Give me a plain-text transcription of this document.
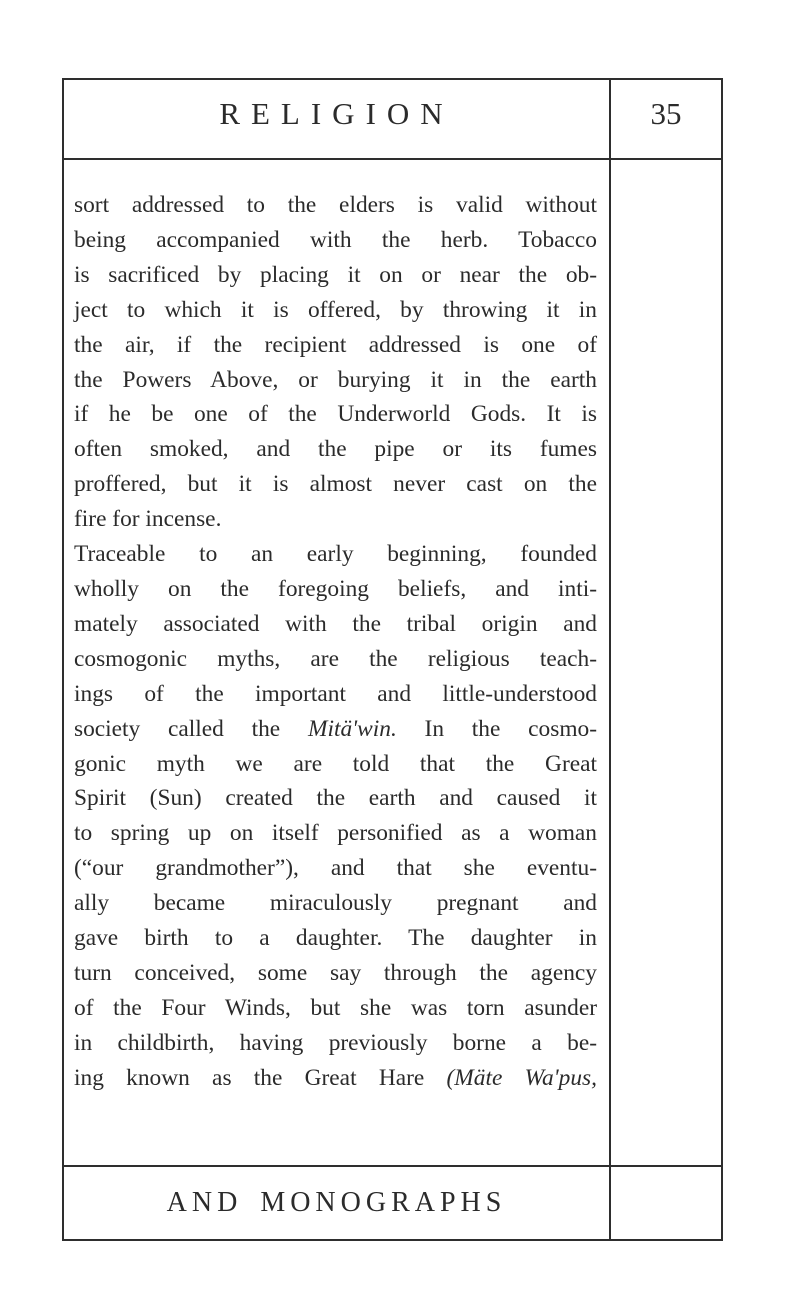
RELIGION	35
sort addressed to the elders is valid without
being accompanied with the herb. Tobacco
is sacrificed by placing it on or near the ob-
ject to which it is offered, by throwing it in
the air, if the recipient addressed is one of
the Powers Above, or burying it in the earth
if he be one of the Underworld Gods. It is
often smoked, and the pipe or its fumes
proffered, but it is almost never cast on the
fire for incense.
Traceable to an early beginning, founded
wholly on the foregoing beliefs, and inti-
mately associated with the tribal origin and
cosmogonic myths, are the religious teach-
ings of the important and little-understood
society called the Mitä'win. In the cosmo-
gonic myth we are told that the Great
Spirit (Sun) created the earth and caused it
to spring up on itself personified as a woman
(“our grandmother”), and that she eventu-
ally became miraculously pregnant and
gave birth to a daughter. The daughter in
turn conceived, some say through the agency
of the Four Winds, but she was torn asunder
in childbirth, having previously borne a be-
ing known as the Great Hare (Mäte Wa'pus,
AND MONOGRAPHS
